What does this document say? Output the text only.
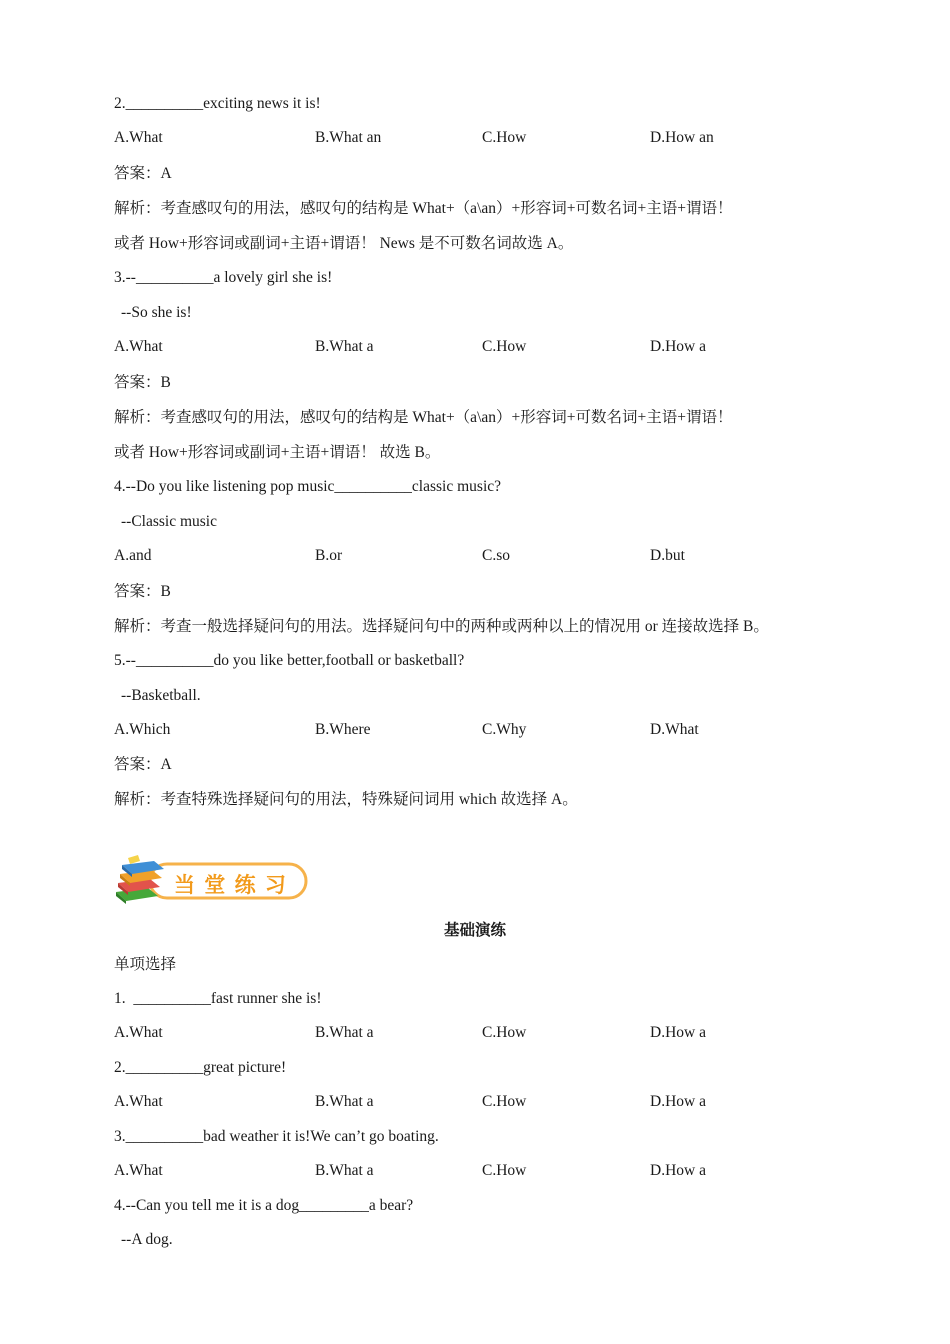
2.__________exciting news it is!
A.What	B.What an	C.How	D.How an
答案：A
解析：考查感叹句的用法，感叹句的结构是 What+（a\an）+形容词+可数名词+主语+谓语！
或者 How+形容词或副词+主语+谓语！ News 是不可数名词故选 A。
3.--__________a lovely girl she is!
--So she is!
A.What	B.What a	C.How	D.How a
答案：B
解析：考查感叹句的用法，感叹句的结构是 What+（a\an）+形容词+可数名词+主语+谓语！
或者 How+形容词或副词+主语+谓语！ 故选 B。
4.--Do you like listening pop music__________classic music?
--Classic music
A.and	B.or	C.so	D.but
答案：B
解析：考查一般选择疑问句的用法。选择疑问句中的两种或两种以上的情况用 or 连接故选择 B。
5.--__________do you like better,football or basketball?
--Basketball.
A.Which	B.Where	C.Why	D.What
答案：A
解析：考查特殊选择疑问句的用法，特殊疑问词用 which 故选择 A。
当 堂 练 习
基础演练
单项选择
1.  __________fast runner she is!
A.What	B.What a	C.How	D.How a
2.__________great picture!
A.What	B.What a	C.How	D.How a
3.__________bad weather it is!We can’t go boating.
A.What	B.What a	C.How	D.How a
4.--Can you tell me it is a dog_________a bear?
--A dog.
